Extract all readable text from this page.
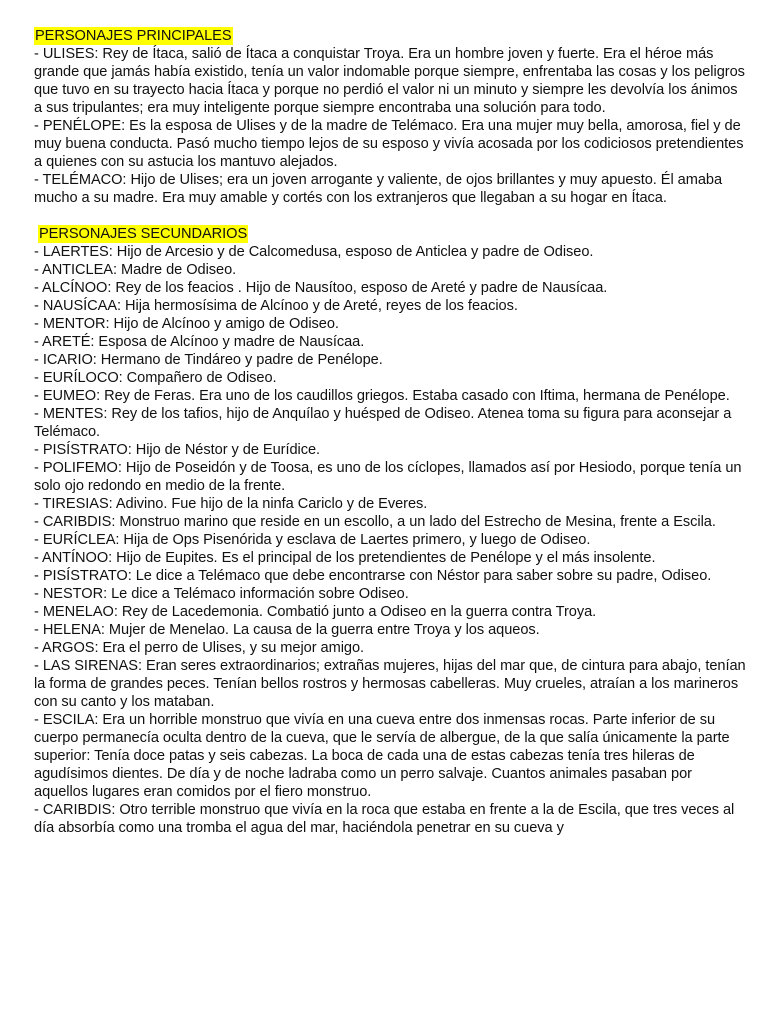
PERSONAJES PRINCIPALES

- ULISES: Rey de Ítaca, salió de Ítaca a conquistar Troya. Era un hombre joven y fuerte. Era el héroe más grande que jamás había existido, tenía un valor indomable porque siempre, enfrentaba las cosas y los peligros que tuvo en su trayecto hacia Ítaca y porque no perdió el valor ni un minuto y siempre les devolvía los ánimos a sus tripulantes; era muy inteligente porque siempre encontraba una solución para todo.

- PENÉLOPE: Es la esposa de Ulises y de la madre de Telémaco. Era una mujer muy bella, amorosa, fiel y de muy buena conducta. Pasó mucho tiempo lejos de su esposo y vivía acosada por los codiciosos pretendientes a quienes con su astucia los mantuvo alejados.

- TELÉMACO: Hijo de Ulises; era un joven arrogante y valiente, de ojos brillantes y muy apuesto. Él amaba mucho a su madre. Era muy amable y cortés con los extranjeros que llegaban a su hogar en Ítaca.

PERSONAJES SECUNDARIOS

- LAERTES: Hijo de Arcesio y de Calcomedusa, esposo de Anticlea y padre de Odiseo.

- ANTICLEA: Madre de Odiseo.

- ALCÍNOO: Rey de los feacios . Hijo de Nausítoo, esposo de Areté y padre de Nausícaa.

- NAUSÍCAA: Hija hermosísima de Alcínoo y de Areté, reyes de los feacios.

- MENTOR: Hijo de Alcínoo y amigo de Odiseo.

- ARETÉ: Esposa de Alcínoo y madre de Nausícaa.

- ICARIO: Hermano de Tindáreo y padre de Penélope.

- EURÍLOCO: Compañero de Odiseo.

- EUMEO: Rey de Feras. Era uno de los caudillos griegos. Estaba casado con Iftima, hermana de Penélope.

- MENTES: Rey de los tafios, hijo de Anquílao y huésped de Odiseo. Atenea toma su figura para aconsejar a Telémaco.

- PISÍSTRATO: Hijo de Néstor y de Eurídice.

- POLIFEMO: Hijo de Poseidón y de Toosa, es uno de los cíclopes, llamados así por Hesiodo, porque tenía un solo ojo redondo en medio de la frente.

- TIRESIAS: Adivino. Fue hijo de la ninfa Cariclo y de Everes.

- CARIBDIS: Monstruo marino que reside en un escollo, a un lado del Estrecho de Mesina, frente a Escila.

- EURÍCLEA: Hija de Ops Pisenórida y esclava de Laertes primero, y luego de Odiseo.

- ANTÍNOO: Hijo de Eupites. Es el principal de los pretendientes de Penélope y el más insolente.

- PISÍSTRATO: Le dice a Telémaco que debe encontrarse con Néstor para saber sobre su padre, Odiseo.

- NESTOR: Le dice a Telémaco información sobre Odiseo.

- MENELAO: Rey de Lacedemonia. Combatió junto a Odiseo en la guerra contra Troya.

- HELENA: Mujer de Menelao. La causa de la guerra entre Troya y los aqueos.

- ARGOS: Era el perro de Ulises, y su mejor amigo.

- LAS SIRENAS: Eran seres extraordinarios; extrañas mujeres, hijas del mar que, de cintura para abajo, tenían la forma de grandes peces. Tenían bellos rostros y hermosas cabelleras. Muy crueles, atraían a los marineros con su canto y los mataban.

- ESCILA: Era un horrible monstruo que vivía en una cueva entre dos inmensas rocas. Parte inferior de su cuerpo permanecía oculta dentro de la cueva, que le servía de albergue, de la que salía únicamente la parte superior: Tenía doce patas y seis cabezas. La boca de cada una de estas cabezas tenía tres hileras de agudísimos dientes. De día y de noche ladraba como un perro salvaje. Cuantos animales pasaban por aquellos lugares eran comidos por el fiero monstruo.

- CARIBDIS: Otro terrible monstruo que vivía en la roca que estaba en frente a la de Escila, que tres veces al día absorbía como una tromba el agua del mar, haciéndola penetrar en su cueva y
